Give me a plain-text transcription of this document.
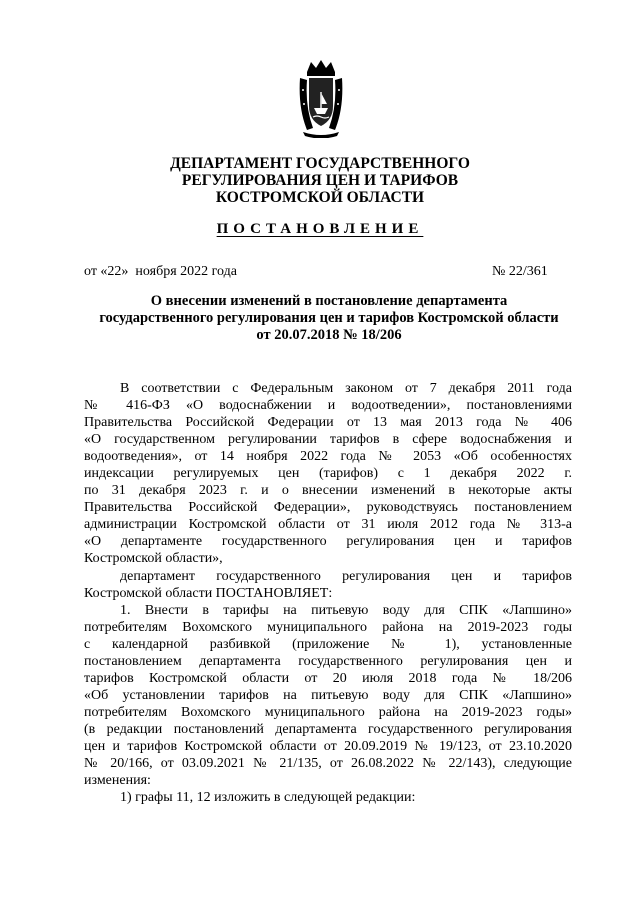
ДЕПАРТАМЕНТ ГОСУДАРСТВЕННОГО
РЕГУЛИРОВАНИЯ ЦЕН И ТАРИФОВ
КОСТРОМСКОЙ ОБЛАСТИ
ПОСТАНОВЛЕНИЕ
от «22»  ноября 2022 года	№ 22/361
О внесении изменений в постановление департамента
государственного регулирования цен и тарифов Костромской области
от 20.07.2018 № 18/206
В соответствии с Федеральным законом от 7 декабря 2011 года
№ 416-ФЗ «О водоснабжении и водоотведении», постановлениями
Правительства Российской Федерации от 13 мая 2013 года № 406
«О государственном регулировании тарифов в сфере водоснабжения и
водоотведения», от 14 ноября 2022 года № 2053 «Об особенностях
индексации регулируемых цен (тарифов) с 1 декабря 2022 г.
по 31 декабря 2023 г. и о внесении изменений в некоторые акты
Правительства Российской Федерации», руководствуясь постановлением
администрации Костромской области от 31 июля 2012 года № 313-а
«О департаменте государственного регулирования цен и тарифов
Костромской области»,
департамент государственного регулирования цен и тарифов
Костромской области ПОСТАНОВЛЯЕТ:
1. Внести в тарифы на питьевую воду для СПК «Лапшино»
потребителям Вохомского муниципального района на 2019-2023 годы
с календарной разбивкой (приложение № 1), установленные
постановлением департамента государственного регулирования цен и
тарифов Костромской области от 20 июля 2018 года № 18/206
«Об установлении тарифов на питьевую воду для СПК «Лапшино»
потребителям Вохомского муниципального района на 2019-2023 годы»
(в редакции постановлений департамента государственного регулирования
цен и тарифов Костромской области от 20.09.2019 № 19/123, от 23.10.2020
№ 20/166, от 03.09.2021 № 21/135, от 26.08.2022 № 22/143), следующие
изменения:
1) графы 11, 12 изложить в следующей редакции:
